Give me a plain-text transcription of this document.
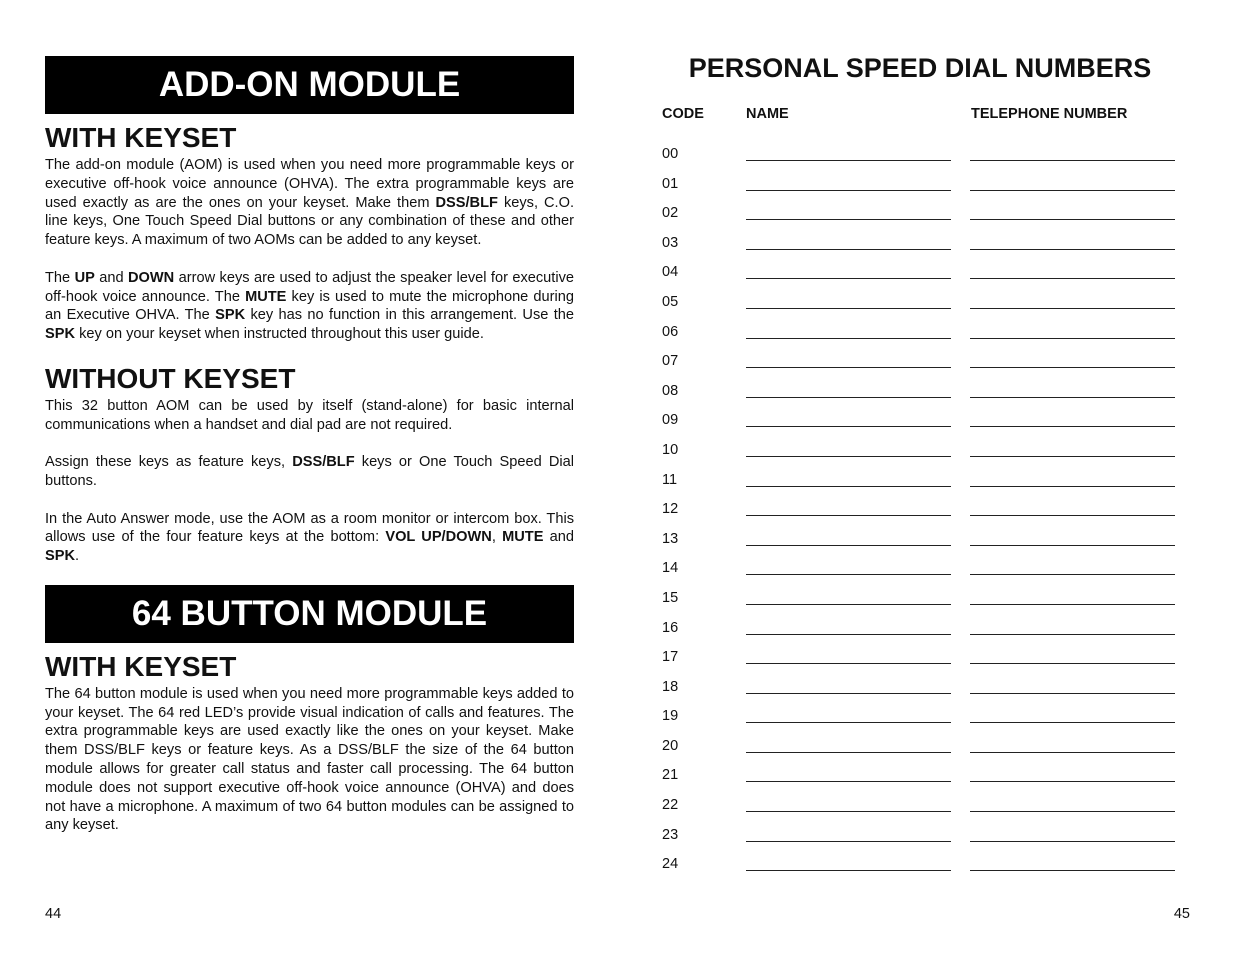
ADD-ON MODULE
WITH KEYSET

The add-on module (AOM) is used when you need more programmable keys or executive off-hook voice announce (OHVA). The extra programmable keys are used exactly as are the ones on your keyset. Make them DSS/BLF keys, C.O. line keys, One Touch Speed Dial buttons or any combination of these and other feature keys. A maximum of two AOMs can be added to any keyset.

The UP and DOWN arrow keys are used to adjust the speaker level for executive off-hook voice announce. The MUTE key is used to mute the microphone during an Executive OHVA. The SPK key has no function in this arrangement. Use the SPK key on your keyset when instructed throughout this user guide.

WITHOUT KEYSET

This 32 button AOM can be used by itself (stand-alone) for basic internal communications when a handset and dial pad are not required.

Assign these keys as feature keys, DSS/BLF keys or One Touch Speed Dial buttons.

In the Auto Answer mode, use the AOM as a room monitor or intercom box. This allows use of the four feature keys at the bottom: VOL UP/DOWN, MUTE and SPK.

64 BUTTON MODULE
WITH KEYSET

The 64 button module is used when you need more programmable keys added to your keyset. The 64 red LED’s provide visual indication of calls and features. The extra programmable keys are used exactly like the ones on your keyset. Make them DSS/BLF keys or feature keys. As a DSS/BLF the size of the 64 button module allows for greater call status and faster call processing. The 64 button module does not support executive off-hook voice announce (OHVA) and does not have a microphone. A maximum of two 64 button modules can be assigned to any keyset.

44
PERSONAL SPEED DIAL NUMBERS
CODE	NAME	TELEPHONE NUMBER
00
01
02
03
04
05
06
07
08
09
10
11
12
13
14
15
16
17
18
19
20
21
22
23
24
45
